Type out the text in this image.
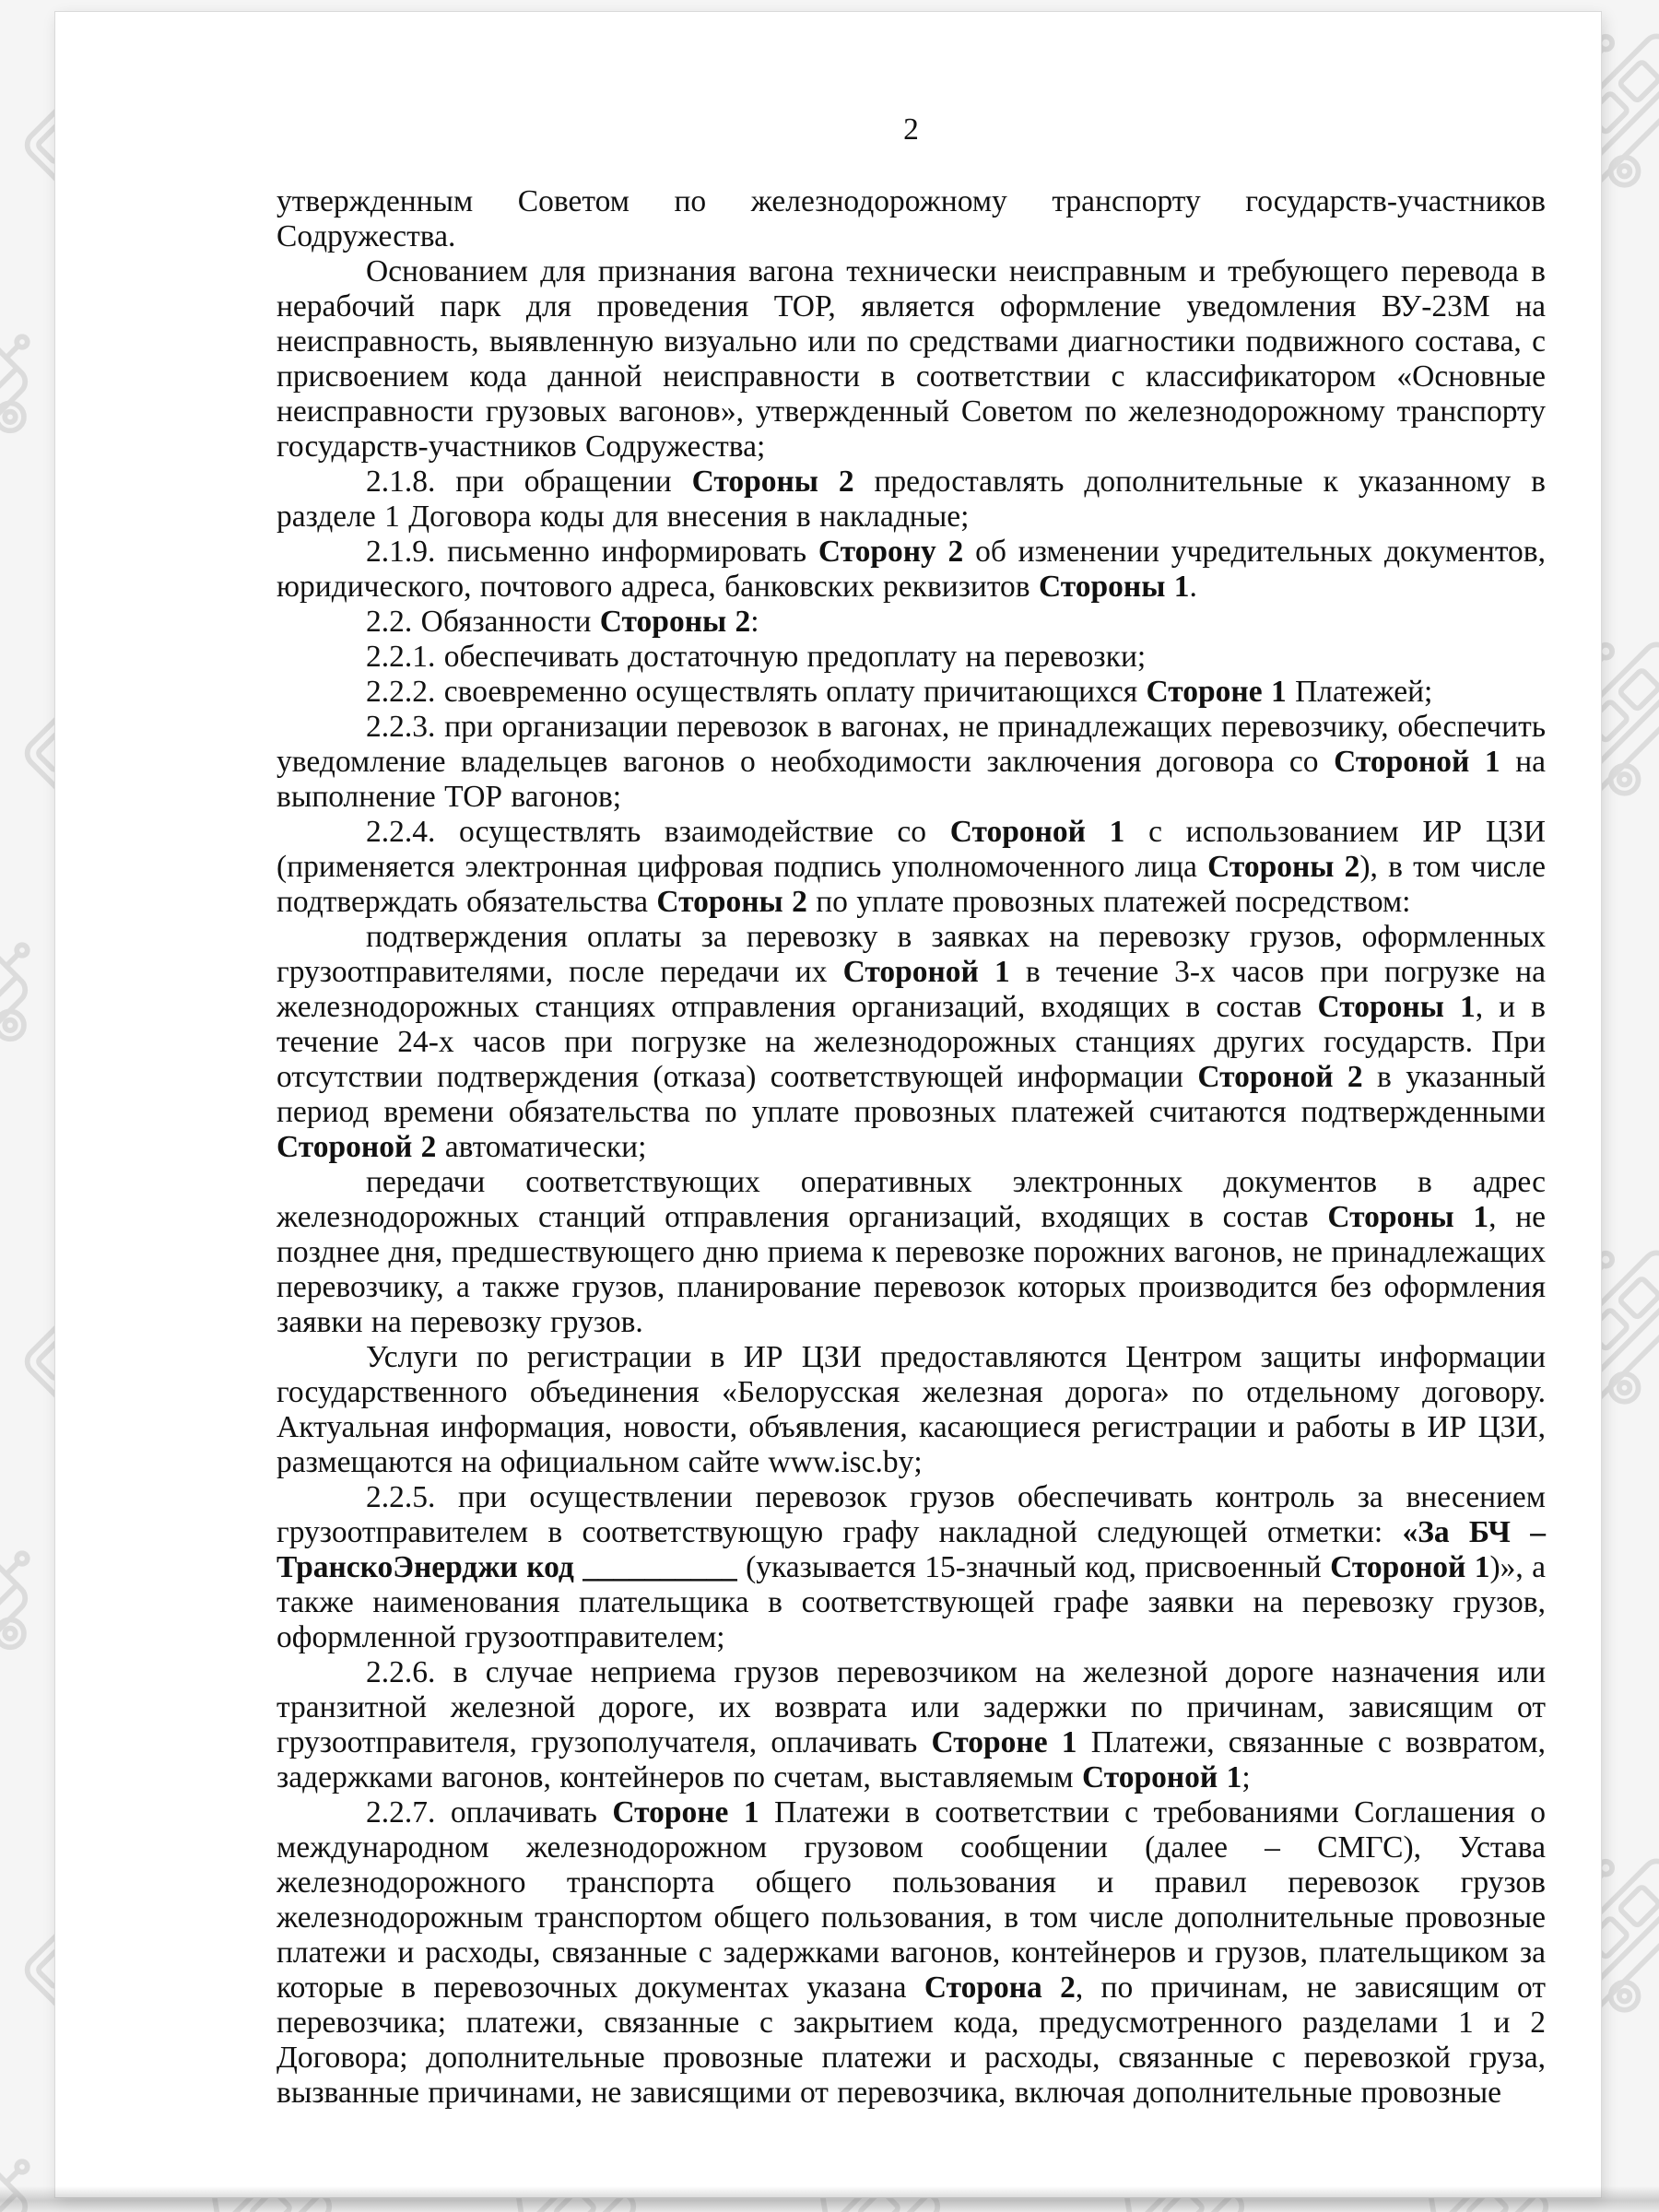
2

утвержденным Советом по железнодорожному транспорту государств-участников Содружества.

Основанием для признания вагона технически неисправным и требующего перевода в нерабочий парк для проведения ТОР, является оформление уведомления ВУ-23М на неисправность, выявленную визуально или по средствами диагностики подвижного состава, с присвоением кода данной неисправности в соответствии с классификатором «Основные неисправности грузовых вагонов», утвержденный Советом по железнодорожному транспорту государств-участников Содружества;

2.1.8. при обращении Стороны 2 предоставлять дополнительные к указанному в разделе 1 Договора коды для внесения в накладные;

2.1.9. письменно информировать Сторону 2 об изменении учредительных документов, юридического, почтового адреса, банковских реквизитов Стороны 1.

2.2. Обязанности Стороны 2:

2.2.1. обеспечивать достаточную предоплату на перевозки;

2.2.2. своевременно осуществлять оплату причитающихся Стороне 1 Платежей;

2.2.3. при организации перевозок в вагонах, не принадлежащих перевозчику, обеспечить уведомление владельцев вагонов о необходимости заключения договора со Стороной 1 на выполнение ТОР вагонов;

2.2.4. осуществлять взаимодействие со Стороной 1 с использованием ИР ЦЗИ (применяется электронная цифровая подпись уполномоченного лица Стороны 2), в том числе подтверждать обязательства Стороны 2 по уплате провозных платежей посредством:

подтверждения оплаты за перевозку в заявках на перевозку грузов, оформленных грузоотправителями, после передачи их Стороной 1 в течение 3-х часов при погрузке на железнодорожных станциях отправления организаций, входящих в состав Стороны 1, и в течение 24-х часов при погрузке на железнодорожных станциях других государств. При отсутствии подтверждения (отказа) соответствующей информации Стороной 2 в указанный период времени обязательства по уплате провозных платежей считаются подтвержденными Стороной 2 автоматически;

передачи соответствующих оперативных электронных документов в адрес железнодорожных станций отправления организаций, входящих в состав Стороны 1, не позднее дня, предшествующего дню приема к перевозке порожних вагонов, не принадлежащих перевозчику, а также грузов, планирование перевозок которых производится без оформления заявки на перевозку грузов.

Услуги по регистрации в ИР ЦЗИ предоставляются Центром защиты информации государственного объединения «Белорусская железная дорога» по отдельному договору. Актуальная информация, новости, объявления, касающиеся регистрации и работы в ИР ЦЗИ, размещаются на официальном сайте www.isc.by;

2.2.5. при осуществлении перевозок грузов обеспечивать контроль за внесением грузоотправителем в соответствующую графу накладной следующей отметки: «За БЧ – ТранскоЭнерджи код __________ (указывается 15-значный код, присвоенный Стороной 1)», а также наименования плательщика в соответствующей графе заявки на перевозку грузов, оформленной грузоотправителем;

2.2.6. в случае неприема грузов перевозчиком на железной дороге назначения или транзитной железной дороге, их возврата или задержки по причинам, зависящим от грузоотправителя, грузополучателя, оплачивать Стороне 1 Платежи, связанные с возвратом, задержками вагонов, контейнеров по счетам, выставляемым Стороной 1;

2.2.7. оплачивать Стороне 1 Платежи в соответствии с требованиями Соглашения о международном железнодорожном грузовом сообщении (далее – СМГС), Устава железнодорожного транспорта общего пользования и правил перевозок грузов железнодорожным транспортом общего пользования, в том числе дополнительные провозные платежи и расходы, связанные с задержками вагонов, контейнеров и грузов, плательщиком за которые в перевозочных документах указана Сторона 2, по причинам, не зависящим от перевозчика; платежи, связанные с закрытием кода, предусмотренного разделами 1 и 2 Договора; дополнительные провозные платежи и расходы, связанные с перевозкой груза, вызванные причинами, не зависящими от перевозчика, включая дополнительные провозные
